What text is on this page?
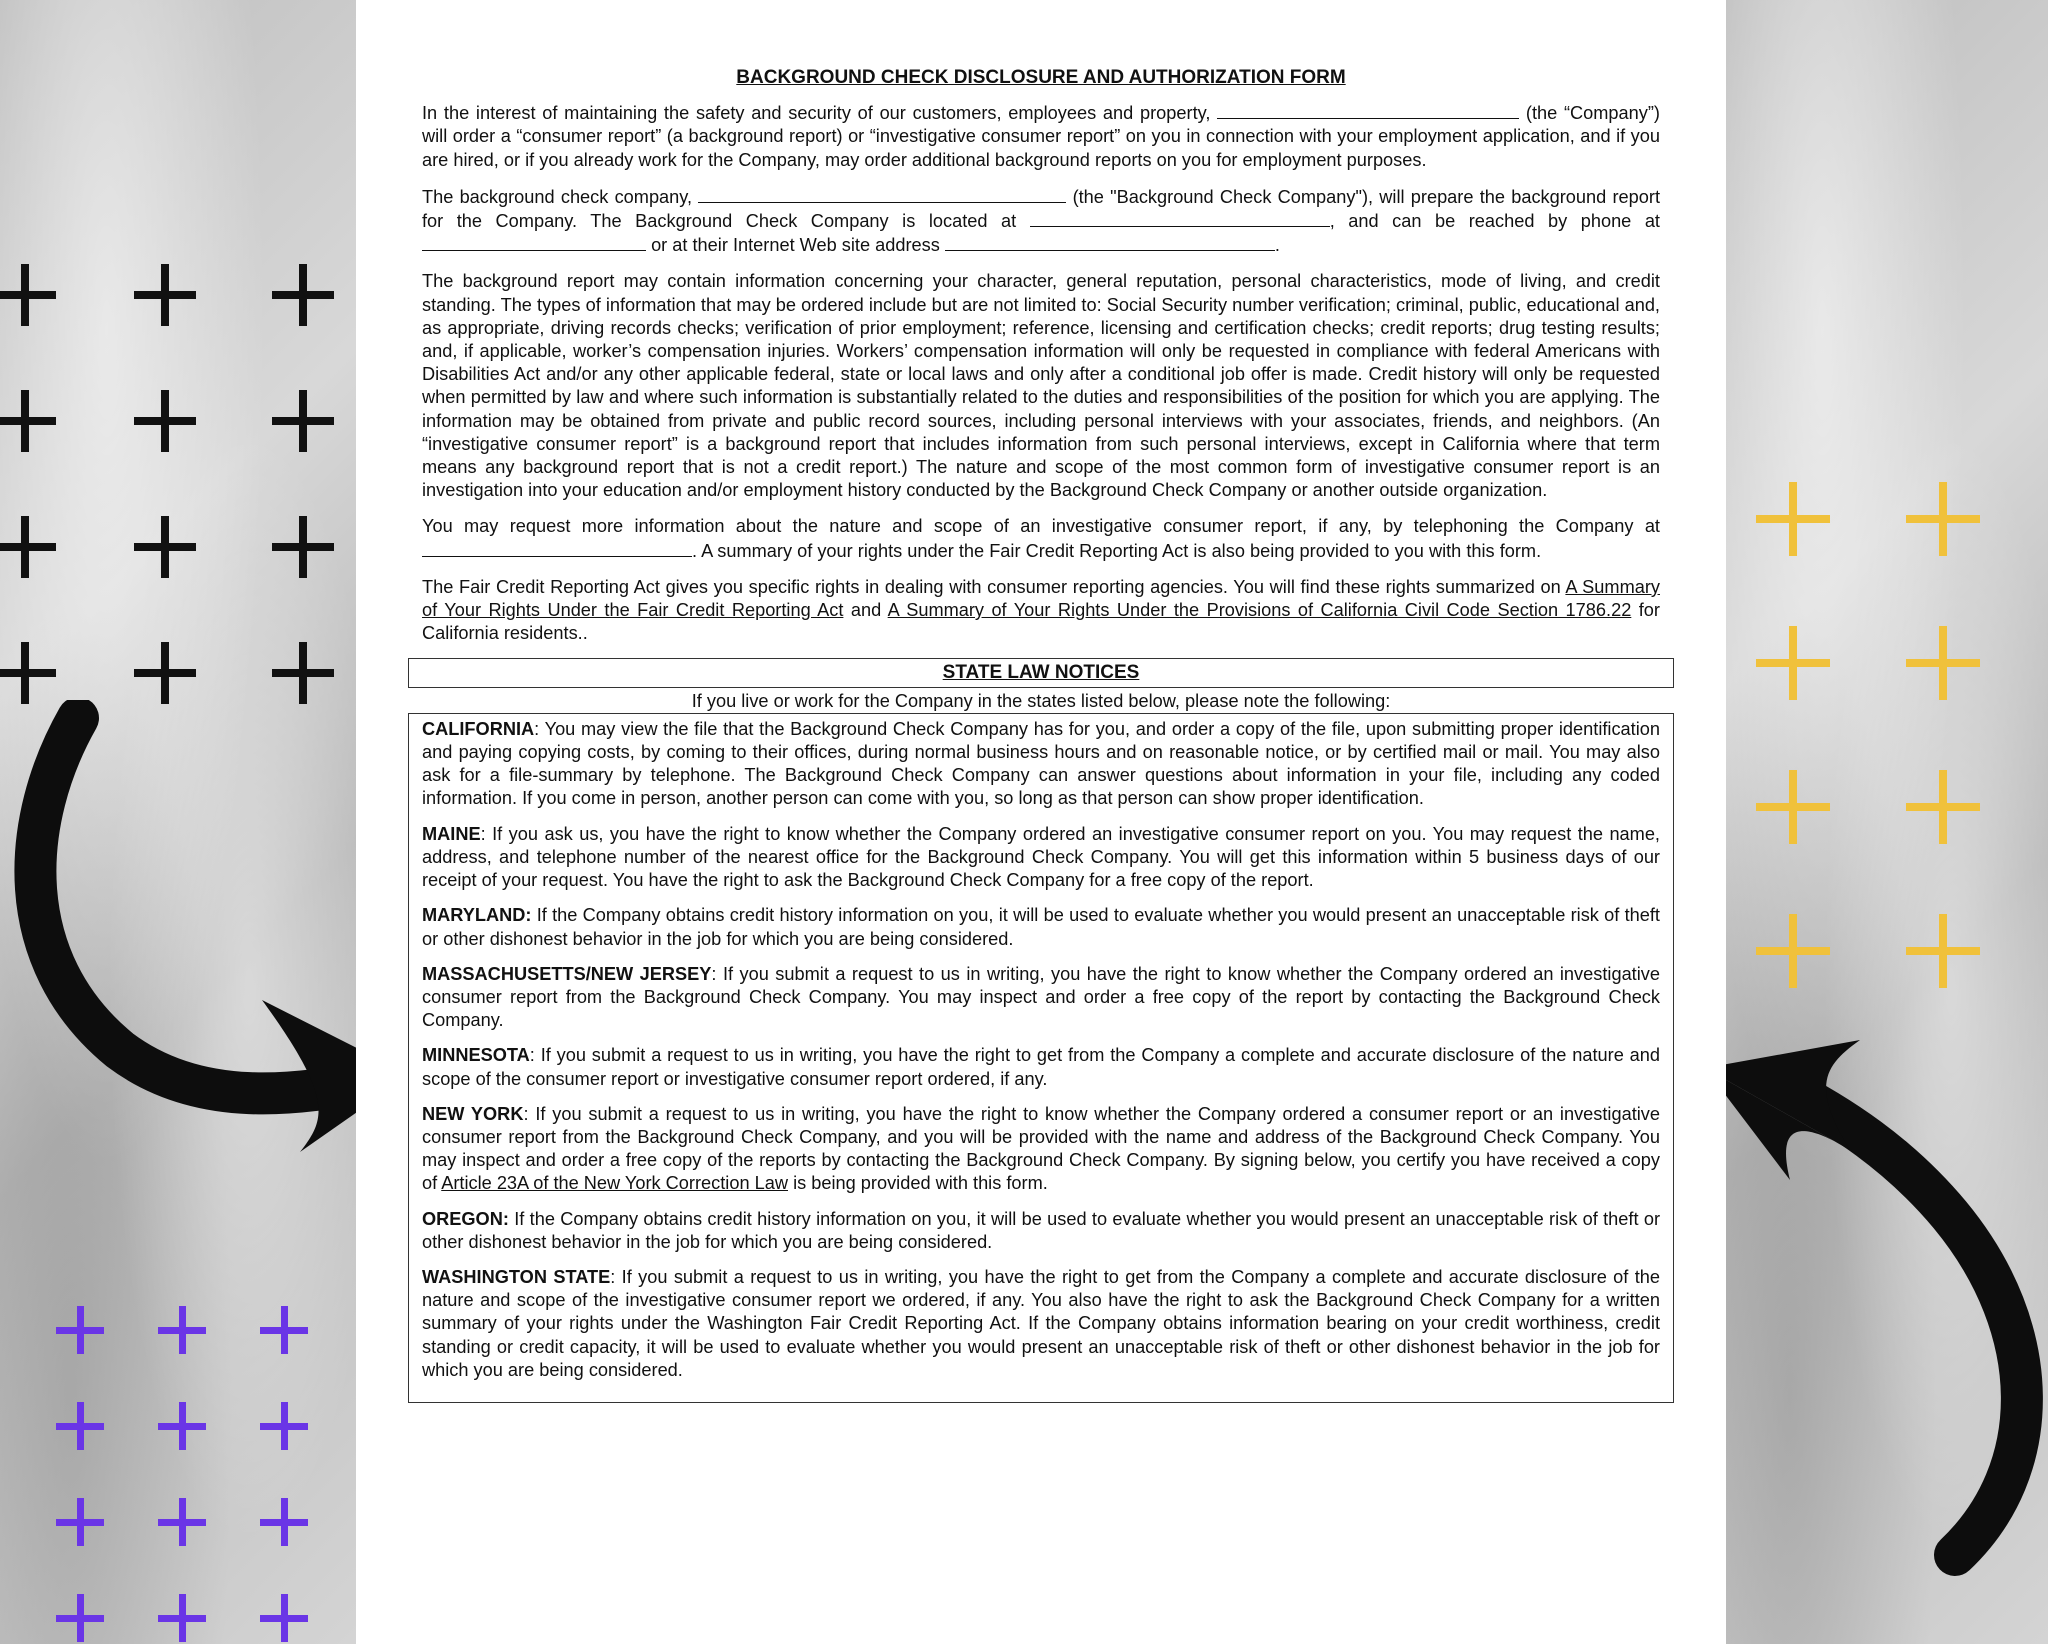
BACKGROUND CHECK DISCLOSURE AND AUTHORIZATION FORM

In the interest of maintaining the safety and security of our customers, employees and property,	(the “Company”) will order a “consumer report” (a background report) or “investigative consumer report” on you in connection with your employment application, and if you are hired, or if you already work for the Company, may order additional background reports on you for employment purposes.

The background check company,	(the "Background Check Company"), will prepare the background report for the Company. The Background Check Company is located at	, and can be reached by phone at  or at their Internet Web site address	.

The background report may contain information concerning your character, general reputation, personal characteristics, mode of living, and credit standing. The types of information that may be ordered include but are not limited to: Social Security number verification; criminal, public, educational and, as appropriate, driving records checks; verification of prior employment; reference, licensing and certification checks; credit reports; drug testing results; and, if applicable, worker’s compensation injuries. Workers’ compensation information will only be requested in compliance with federal Americans with Disabilities Act and/or any other applicable federal, state or local laws and only after a conditional job offer is made. Credit history will only be requested when permitted by law and where such information is substantially related to the duties and responsibilities of the position for which you are applying. The information may be obtained from private and public record sources, including personal interviews with your associates, friends, and neighbors. (An “investigative consumer report” is a background report that includes information from such personal interviews, except in California where that term means any background report that is not a credit report.) The nature and scope of the most common form of investigative consumer report is an investigation into your education and/or employment history conducted by the Background Check Company or another outside organization.

You may request more information about the nature and scope of an investigative consumer report, if any, by telephoning the Company at . A summary of your rights under the Fair Credit Reporting Act is also being provided to you with this form.

The Fair Credit Reporting Act gives you specific rights in dealing with consumer reporting agencies. You will find these rights summarized on A Summary of Your Rights Under the Fair Credit Reporting Act and A Summary of Your Rights Under the Provisions of California Civil Code Section 1786.22 for California residents..

STATE LAW NOTICES
If you live or work for the Company in the states listed below, please note the following:

CALIFORNIA: You may view the file that the Background Check Company has for you, and order a copy of the file, upon submitting proper identification and paying copying costs, by coming to their offices, during normal business hours and on reasonable notice, or by certified mail or mail. You may also ask for a file-summary by telephone. The Background Check Company can answer questions about information in your file, including any coded information. If you come in person, another person can come with you, so long as that person can show proper identification.

MAINE: If you ask us, you have the right to know whether the Company ordered an investigative consumer report on you. You may request the name, address, and telephone number of the nearest office for the Background Check Company. You will get this information within 5 business days of our receipt of your request. You have the right to ask the Background Check Company for a free copy of the report.

MARYLAND: If the Company obtains credit history information on you, it will be used to evaluate whether you would present an unacceptable risk of theft or other dishonest behavior in the job for which you are being considered.

MASSACHUSETTS/NEW JERSEY: If you submit a request to us in writing, you have the right to know whether the Company ordered an investigative consumer report from the Background Check Company. You may inspect and order a free copy of the report by contacting the Background Check Company.

MINNESOTA: If you submit a request to us in writing, you have the right to get from the Company a complete and accurate disclosure of the nature and scope of the consumer report or investigative consumer report ordered, if any.

NEW YORK: If you submit a request to us in writing, you have the right to know whether the Company ordered a consumer report or an investigative consumer report from the Background Check Company, and you will be provided with the name and address of the Background Check Company. You may inspect and order a free copy of the reports by contacting the Background Check Company. By signing below, you certify you have received a copy of Article 23A of the New York Correction Law is being provided with this form.

OREGON: If the Company obtains credit history information on you, it will be used to evaluate whether you would present an unacceptable risk of theft or other dishonest behavior in the job for which you are being considered.

WASHINGTON STATE: If you submit a request to us in writing, you have the right to get from the Company a complete and accurate disclosure of the nature and scope of the investigative consumer report we ordered, if any. You also have the right to ask the Background Check Company for a written summary of your rights under the Washington Fair Credit Reporting Act. If the Company obtains information bearing on your credit worthiness, credit standing or credit capacity, it will be used to evaluate whether you would present an unacceptable risk of theft or other dishonest behavior in the job for which you are being considered.
